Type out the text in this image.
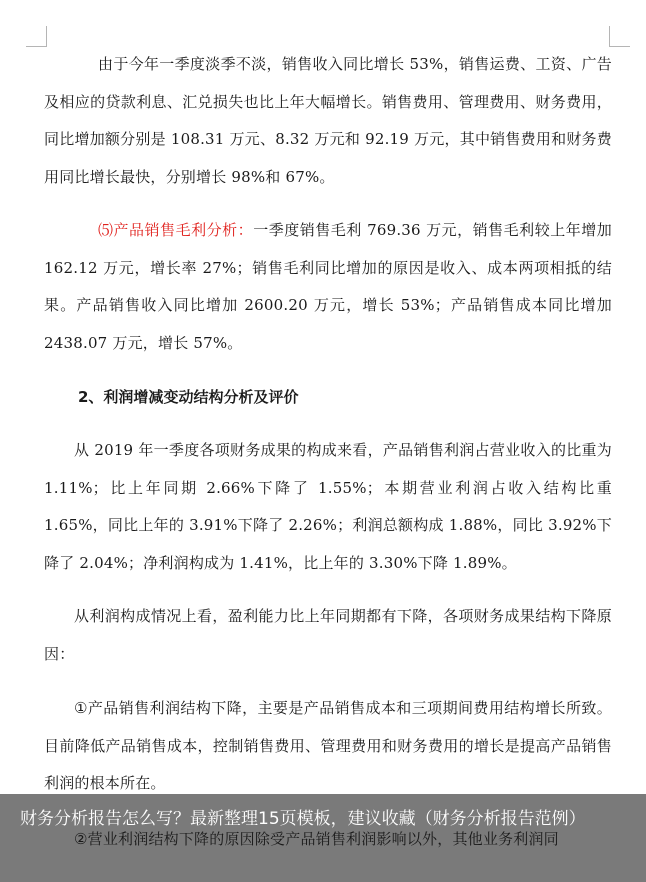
由于今年一季度淡季不淡，销售收入同比增长 53%，销售运费、工资、广告及相应的贷款利息、汇兑损失也比上年大幅增长。销售费用、管理费用、财务费用，同比增加额分别是 108.31 万元、8.32 万元和 92.19 万元，其中销售费用和财务费用同比增长最快，分别增长 98%和 67%。
⑸产品销售毛利分析：一季度销售毛利 769.36 万元，销售毛利较上年增加 162.12 万元，增长率 27%；销售毛利同比增加的原因是收入、成本两项相抵的结果。产品销售收入同比增加 2600.20 万元，增长 53%；产品销售成本同比增加 2438.07 万元，增长 57%。
2、利润增减变动结构分析及评价
从 2019 年一季度各项财务成果的构成来看，产品销售利润占营业收入的比重为 1.11%；比上年同期 2.66%下降了 1.55%；本期营业利润占收入结构比重 1.65%，同比上年的 3.91%下降了 2.26%；利润总额构成 1.88%，同比 3.92%下降了 2.04%；净利润构成为 1.41%，比上年的 3.30%下降 1.89%。
从利润构成情况上看，盈利能力比上年同期都有下降，各项财务成果结构下降原因：
①产品销售利润结构下降，主要是产品销售成本和三项期间费用结构增长所致。目前降低产品销售成本，控制销售费用、管理费用和财务费用的增长是提高产品销售利润的根本所在。
财务分析报告怎么写？最新整理15页模板，建议收藏（财务分析报告范例）
